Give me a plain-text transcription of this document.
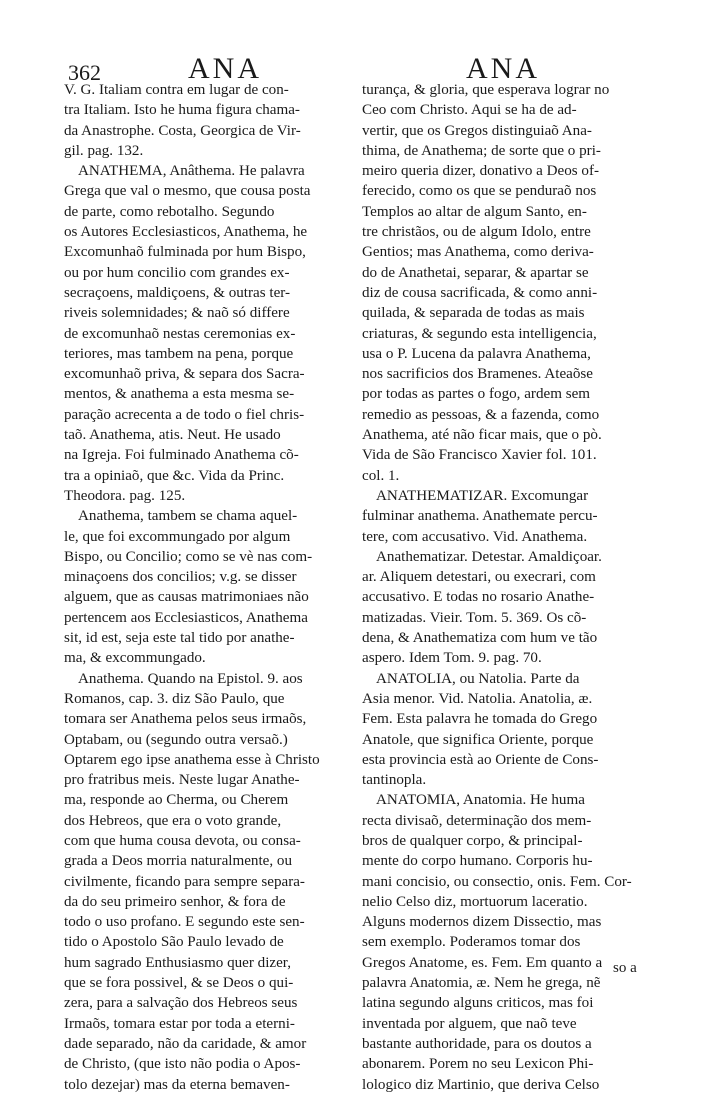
362	ANA	ANA
V. G. Italiam contra em lugar de con-
tra Italiam. Isto he huma figura chama-
da Anastrophe. Costa, Georgica de Vir-
gil. pag. 132.
ANATHEMA, Anâthema. He palavra
Grega que val o mesmo, que cousa posta
de parte, como rebotalho. Segundo
os Autores Ecclesiasticos, Anathema, he
Excomunhaõ fulminada por hum Bispo,
ou por hum concilio com grandes ex-
secraçoens, maldiçoens, & outras ter-
riveis solemnidades; & naõ só differe
de excomunhaõ nestas ceremonias ex-
teriores, mas tambem na pena, porque
excomunhaõ priva, & separa dos Sacra-
mentos, & anathema a esta mesma se-
paração acrecenta a de todo o fiel chris-
taõ. Anathema, atis. Neut. He usado
na Igreja. Foi fulminado Anathema cõ-
tra a opiniaõ, que &c. Vida da Princ.
Theodora. pag. 125.
Anathema, tambem se chama aquel-
le, que foi excommungado por algum
Bispo, ou Concilio; como se vè nas com-
minaçoens dos concilios; v.g. se disser
alguem, que as causas matrimoniaes não
pertencem aos Ecclesiasticos, Anathema
sit, id est, seja este tal tido por anathe-
ma, & excommungado.
Anathema. Quando na Epistol. 9. aos
Romanos, cap. 3. diz São Paulo, que
tomara ser Anathema pelos seus irmaõs,
Optabam, ou (segundo outra versaõ.)
Optarem ego ipse anathema esse à Christo
pro fratribus meis. Neste lugar Anathe-
ma, responde ao Cherma, ou Cherem
dos Hebreos, que era o voto grande,
com que huma cousa devota, ou consa-
grada a Deos morria naturalmente, ou
civilmente, ficando para sempre separa-
da do seu primeiro senhor, & fora de
todo o uso profano. E segundo este sen-
tido o Apostolo São Paulo levado de
hum sagrado Enthusiasmo quer dizer,
que se fora possivel, & se Deos o qui-
zera, para a salvação dos Hebreos seus
Irmaõs, tomara estar por toda a eterni-
dade separado, não da caridade, & amor
de Christo, (que isto não podia o Apos-
tolo dezejar) mas da eterna bemaven-
turança, & gloria, que esperava lograr no
Ceo com Christo. Aqui se ha de ad-
vertir, que os Gregos distinguiaõ Ana-
thima, de Anathema; de sorte que o pri-
meiro queria dizer, donativo a Deos of-
ferecido, como os que se penduraõ nos
Templos ao altar de algum Santo, en-
tre christãos, ou de algum Idolo, entre
Gentios; mas Anathema, como deriva-
do de Anathetai, separar, & apartar se
diz de cousa sacrificada, & como anni-
quilada, & separada de todas as mais
criaturas, & segundo esta intelligencia,
usa o P. Lucena da palavra Anathema,
nos sacrificios dos Bramenes. Ateaõse
por todas as partes o fogo, ardem sem
remedio as pessoas, & a fazenda, como
Anathema, até não ficar mais, que o pò.
Vida de São Francisco Xavier fol. 101.
col. 1.
ANATHEMATIZAR. Excomungar
fulminar anathema. Anathemate percu-
tere, com accusativo. Vid. Anathema.
Anathematizar. Detestar. Amaldiçoar.
ar. Aliquem detestari, ou execrari, com
accusativo. E todas no rosario Anathe-
matizadas. Vieir. Tom. 5. 369. Os cõ-
dena, & Anathematiza com hum ve tão
aspero. Idem Tom. 9. pag. 70.
ANATOLIA, ou Natolia. Parte da
Asia menor. Vid. Natolia. Anatolia, æ.
Fem. Esta palavra he tomada do Grego
Anatole, que significa Oriente, porque
esta provincia està ao Oriente de Cons-
tantinopla.
ANATOMIA, Anatomia. He huma
recta divisaõ, determinação dos mem-
bros de qualquer corpo, & principal-
mente do corpo humano. Corporis hu-
mani concisio, ou consectio, onis. Fem. Cor-
nelio Celso diz, mortuorum laceratio.
Alguns modernos dizem Dissectio, mas
sem exemplo. Poderamos tomar dos
Gregos Anatome, es. Fem. Em quanto a
palavra Anatomia, æ. Nem he grega, nẽ
latina segundo alguns criticos, mas foi
inventada por alguem, que naõ teve
bastante authoridade, para os doutos a
abonarem. Porem no seu Lexicon Phi-
lologico diz Martinio, que deriva Celso
so a
